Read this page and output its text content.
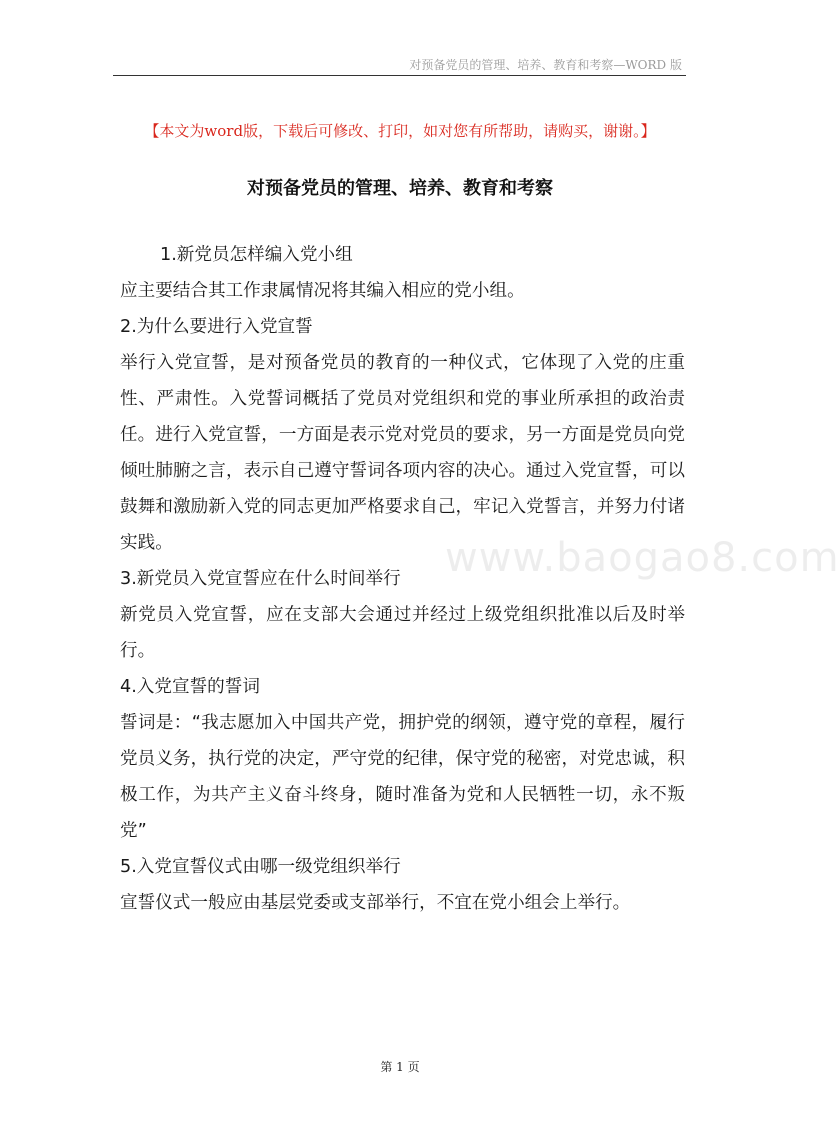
对预备党员的管理、培养、教育和考察—WORD 版
【本文为word版，下载后可修改、打印，如对您有所帮助，请购买，谢谢。】
对预备党员的管理、培养、教育和考察

1.新党员怎样编入党小组

应主要结合其工作隶属情况将其编入相应的党小组。

2.为什么要进行入党宣誓

举行入党宣誓，是对预备党员的教育的一种仪式，它体现了入党的庄重性、严肃性。入党誓词概括了党员对党组织和党的事业所承担的政治责任。进行入党宣誓，一方面是表示党对党员的要求，另一方面是党员向党倾吐肺腑之言，表示自己遵守誓词各项内容的决心。通过入党宣誓，可以鼓舞和激励新入党的同志更加严格要求自己，牢记入党誓言，并努力付诸实践。

3.新党员入党宣誓应在什么时间举行

新党员入党宣誓，应在支部大会通过并经过上级党组织批准以后及时举行。

4.入党宣誓的誓词

誓词是：“我志愿加入中国共产党，拥护党的纲领，遵守党的章程，履行党员义务，执行党的决定，严守党的纪律，保守党的秘密，对党忠诚，积极工作，为共产主义奋斗终身，随时准备为党和人民牺牲一切，永不叛党”

5.入党宣誓仪式由哪一级党组织举行

宣誓仪式一般应由基层党委或支部举行，不宜在党小组会上举行。

www.baogao8.com
第 1 页
